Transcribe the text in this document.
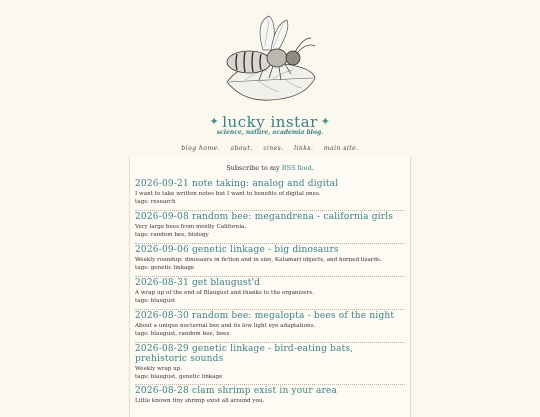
✦ lucky instar ✦
science, nature, academia blog.
blog home. about. zines. links. main site.
Subscribe to my RSS feed.
2026-09-21 note taking: analog and digital
I want to take written notes but I want to benefits of digital ones.
tags: research
2026-09-08 random bee: megandrena - california girls
Very large bees from mostly California.
tags: random bee, biology
2026-09-06 genetic linkage - big dinosaurs
Weekly roundup: dinosaurs in fiction and in size, Katamari objects, and horned lizards.
tags: genetic linkage
2026-08-31 get blaugust'd
A wrap up of the end of Blaugust and thanks to the organizers.
tags: blaugust
2026-08-30 random bee: megalopta - bees of the night
About a unique nocturnal bee and its low light eye adaptations.
tags: blaugust, random bee, bees
2026-08-29 genetic linkage - bird-eating bats, prehistoric sounds
Weekly wrap up.
tags: blaugust, genetic linkage
2026-08-28 clam shrimp exist in your area
Little known tiny shrimp exist all around you.
